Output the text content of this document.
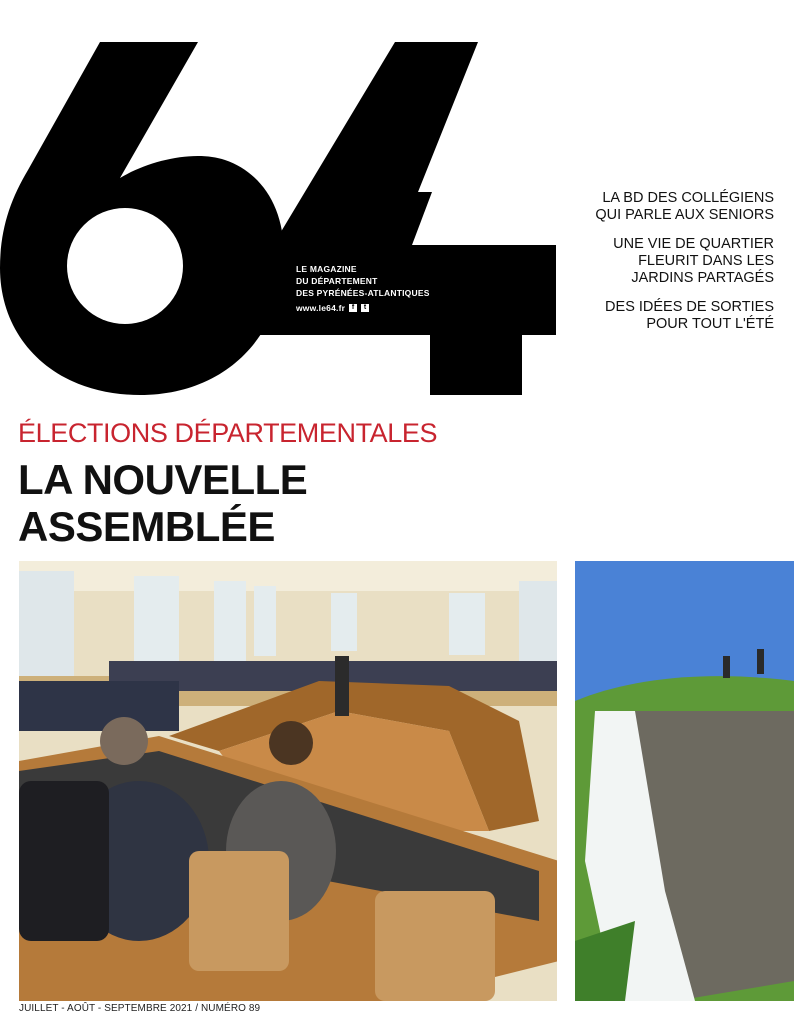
LE MAGAZINE
DU DÉPARTEMENT
DES PYRÉNÉES-ATLANTIQUES
www.le64.fr f	t
LA BD DES COLLÉGIENS
QUI PARLE AUX SENIORS
UNE VIE DE QUARTIER
FLEURIT DANS LES
JARDINS PARTAGÉS
DES IDÉES DE SORTIES
POUR TOUT L'ÉTÉ
ÉLECTIONS DÉPARTEMENTALES
LA NOUVELLE
ASSEMBLÉE
JUILLET - AOÛT - SEPTEMBRE 2021 / NUMÉRO 89
